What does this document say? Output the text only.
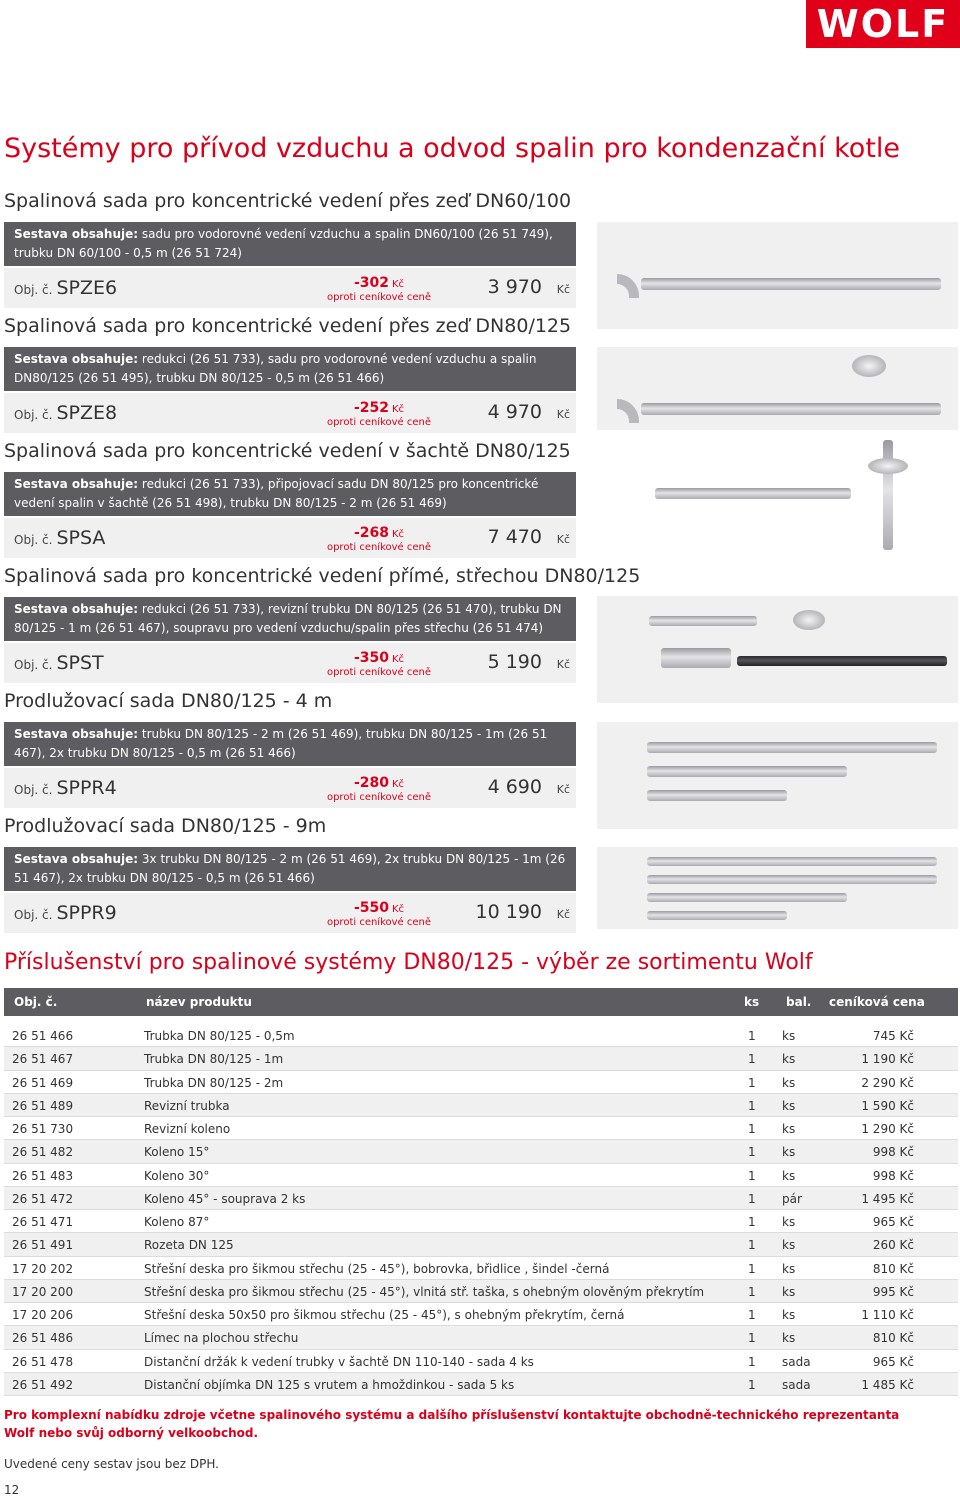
WOLF
Systémy pro přívod vzduchu a odvod spalin pro kondenzační kotle
Spalinová sada pro koncentrické vedení přes zeď DN60/100
Sestava obsahuje: sadu pro vodorovné vedení vzduchu a spalin DN60/100 (26 51 749), trubku DN 60/100 - 0,5 m (26 51 724)
Obj. č. SPZE6	-302 Kč
oproti ceníkové ceně	3 970 Kč
Spalinová sada pro koncentrické vedení přes zeď DN80/125
Sestava obsahuje: redukci (26 51 733), sadu pro vodorovné vedení vzduchu a spalin DN80/125 (26 51 495), trubku DN 80/125 - 0,5 m (26 51 466)
Obj. č. SPZE8	-252 Kč
oproti ceníkové ceně	4 970 Kč
Spalinová sada pro koncentrické vedení v šachtě DN80/125
Sestava obsahuje: redukci (26 51 733), připojovací sadu DN 80/125 pro koncentrické vedení spalin v šachtě (26 51 498), trubku DN 80/125 - 2 m (26 51 469)
Obj. č. SPSA	-268 Kč
oproti ceníkové ceně	7 470 Kč
Spalinová sada pro koncentrické vedení přímé, střechou DN80/125
Sestava obsahuje: redukci (26 51 733), revizní trubku DN 80/125 (26 51 470), trubku DN 80/125 - 1 m (26 51 467), soupravu pro vedení vzduchu/spalin přes střechu (26 51 474)
Obj. č. SPST	-350 Kč
oproti ceníkové ceně	5 190 Kč
Prodlužovací sada DN80/125 - 4 m
Sestava obsahuje: trubku DN 80/125 - 2 m (26 51 469), trubku DN 80/125 - 1m (26 51 467), 2x trubku DN 80/125 - 0,5 m (26 51 466)
Obj. č. SPPR4	-280 Kč
oproti ceníkové ceně	4 690 Kč
Prodlužovací sada DN80/125 - 9m
Sestava obsahuje: 3x trubku DN 80/125 - 2 m (26 51 469), 2x trubku DN 80/125 - 1m (26 51 467), 2x trubku DN 80/125 - 0,5 m (26 51 466)
Obj. č. SPPR9	-550 Kč
oproti ceníkové ceně 10 190 Kč
Příslušenství pro spalinové systémy DN80/125 - výběr ze sortimentu Wolf
Obj. č.	název produktu	ks bal. ceníková cena
26 51 466	Trubka DN 80/125 - 0,5m	1 ks	745 Kč
26 51 467	Trubka DN 80/125 - 1m	1 ks	1 190 Kč
26 51 469	Trubka DN 80/125 - 2m	1 ks	2 290 Kč
26 51 489	Revizní trubka	1 ks	1 590 Kč
26 51 730	Revizní koleno	1 ks	1 290 Kč
26 51 482	Koleno 15°	1 ks	998 Kč
26 51 483	Koleno 30°	1 ks	998 Kč
26 51 472	Koleno 45° - souprava 2 ks	1 pár	1 495 Kč
26 51 471	Koleno 87°	1 ks	965 Kč
26 51 491	Rozeta DN 125	1 ks	260 Kč
17 20 202	Střešní deska pro šikmou střechu (25 - 45°), bobrovka, břidlice , šindel -černá	1 ks	810 Kč
17 20 200	Střešní deska pro šikmou střechu (25 - 45°), vlnitá stř. taška, s ohebným olověným překrytím	1 ks	995 Kč
17 20 206	Střešní deska 50x50 pro šikmou střechu (25 - 45°), s ohebným překrytím, černá	1 ks	1 110 Kč
26 51 486	Límec na plochou střechu	1 ks	810 Kč
26 51 478	Distanční držák k vedení trubky v šachtě DN 110-140 - sada 4 ks	1 sada	965 Kč
26 51 492	Distanční objímka DN 125 s vrutem a hmoždinkou - sada 5 ks	1 sada	1 485 Kč
Pro komplexní nabídku zdroje včetne spalinového systému a dalšího příslušenství kontaktujte obchodně-technického reprezentanta Wolf nebo svůj odborný velkoobchod.
Uvedené ceny sestav jsou bez DPH.
12
